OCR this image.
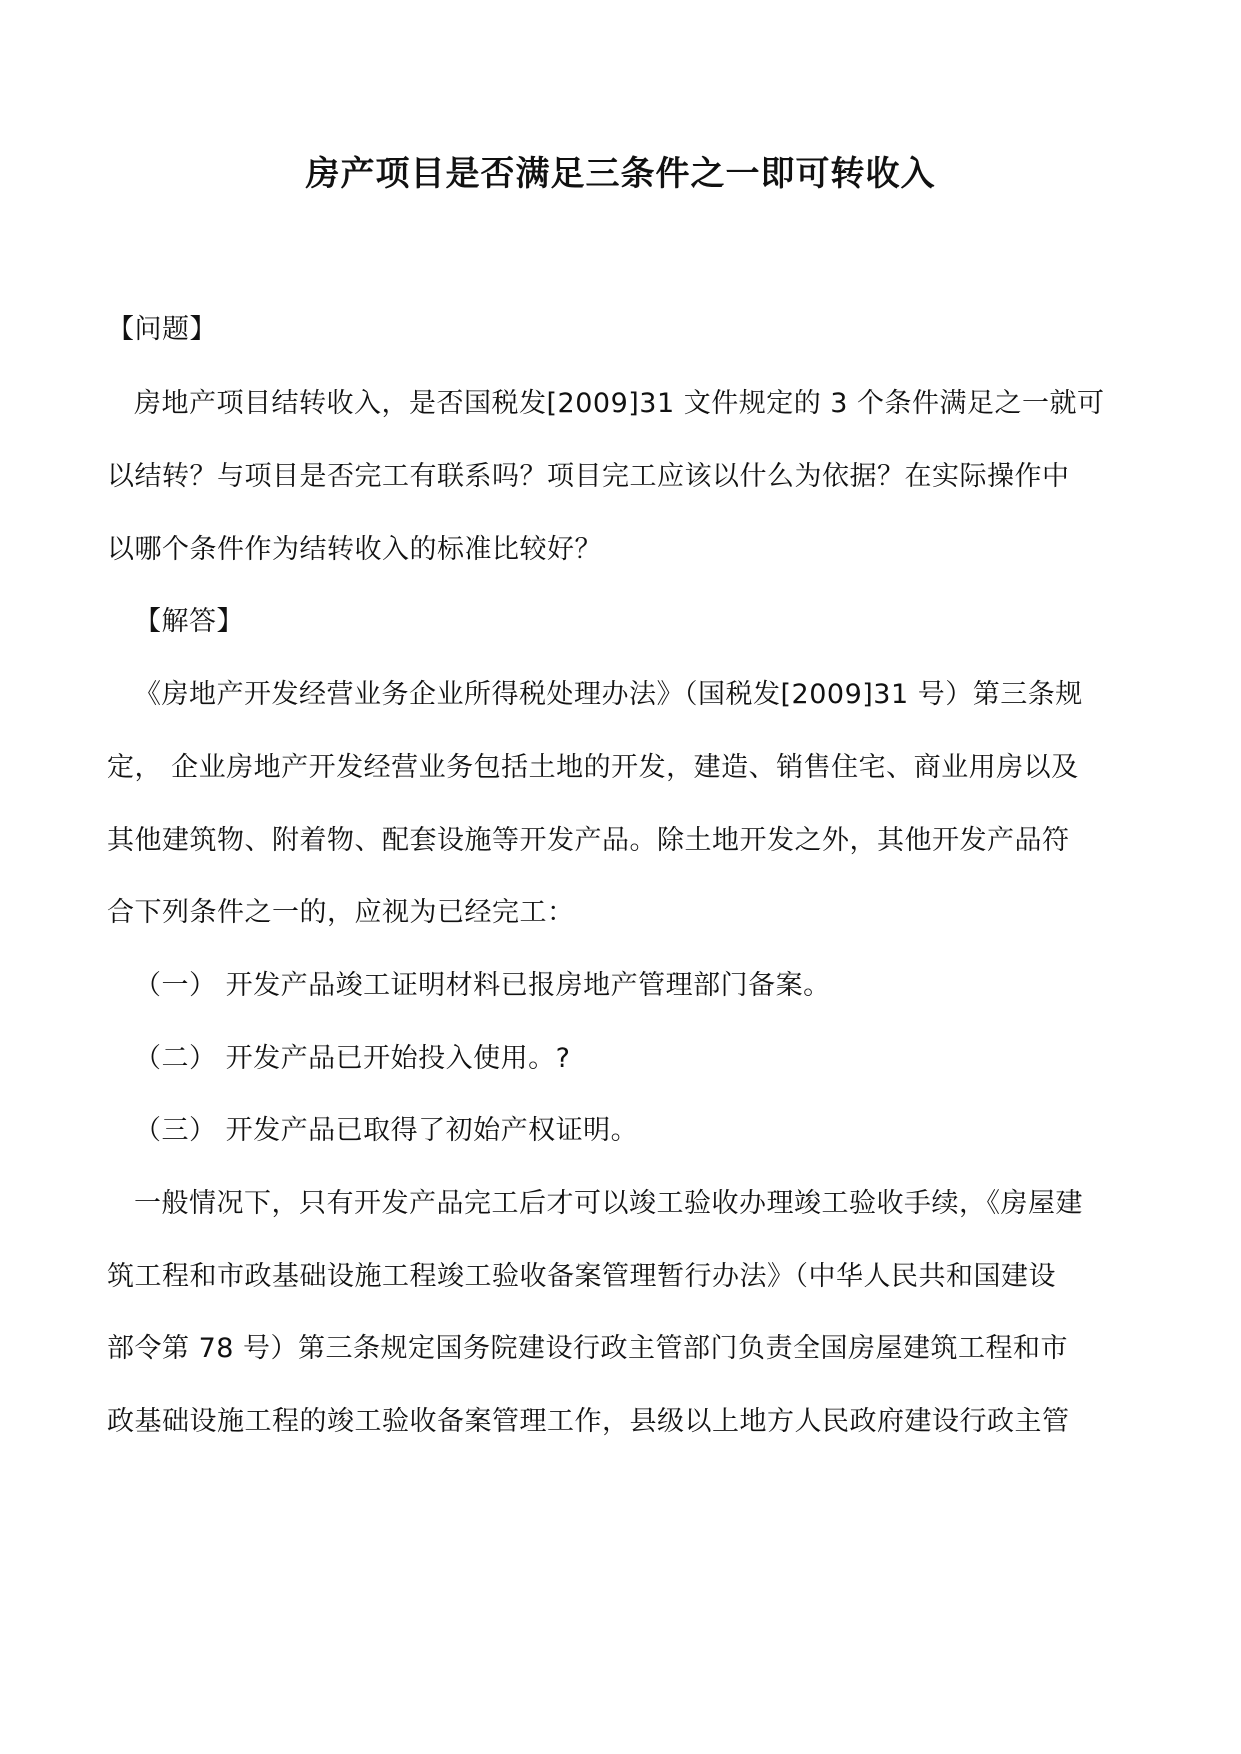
房产项目是否满足三条件之一即可转收入
【问题】
房地产项目结转收入，是否国税发[2009]31 文件规定的 3 个条件满足之一就可
以结转？与项目是否完工有联系吗？项目完工应该以什么为依据？在实际操作中
以哪个条件作为结转收入的标准比较好？
【解答】
《房地产开发经营业务企业所得税处理办法》（国税发[2009]31 号）第三条规
定， 企业房地产开发经营业务包括土地的开发，建造、销售住宅、商业用房以及
其他建筑物、附着物、配套设施等开发产品。除土地开发之外，其他开发产品符
合下列条件之一的，应视为已经完工：
（一） 开发产品竣工证明材料已报房地产管理部门备案。
（二） 开发产品已开始投入使用。?
（三） 开发产品已取得了初始产权证明。
一般情况下，只有开发产品完工后才可以竣工验收办理竣工验收手续，《房屋建
筑工程和市政基础设施工程竣工验收备案管理暂行办法》（中华人民共和国建设
部令第 78 号）第三条规定国务院建设行政主管部门负责全国房屋建筑工程和市
政基础设施工程的竣工验收备案管理工作，县级以上地方人民政府建设行政主管
